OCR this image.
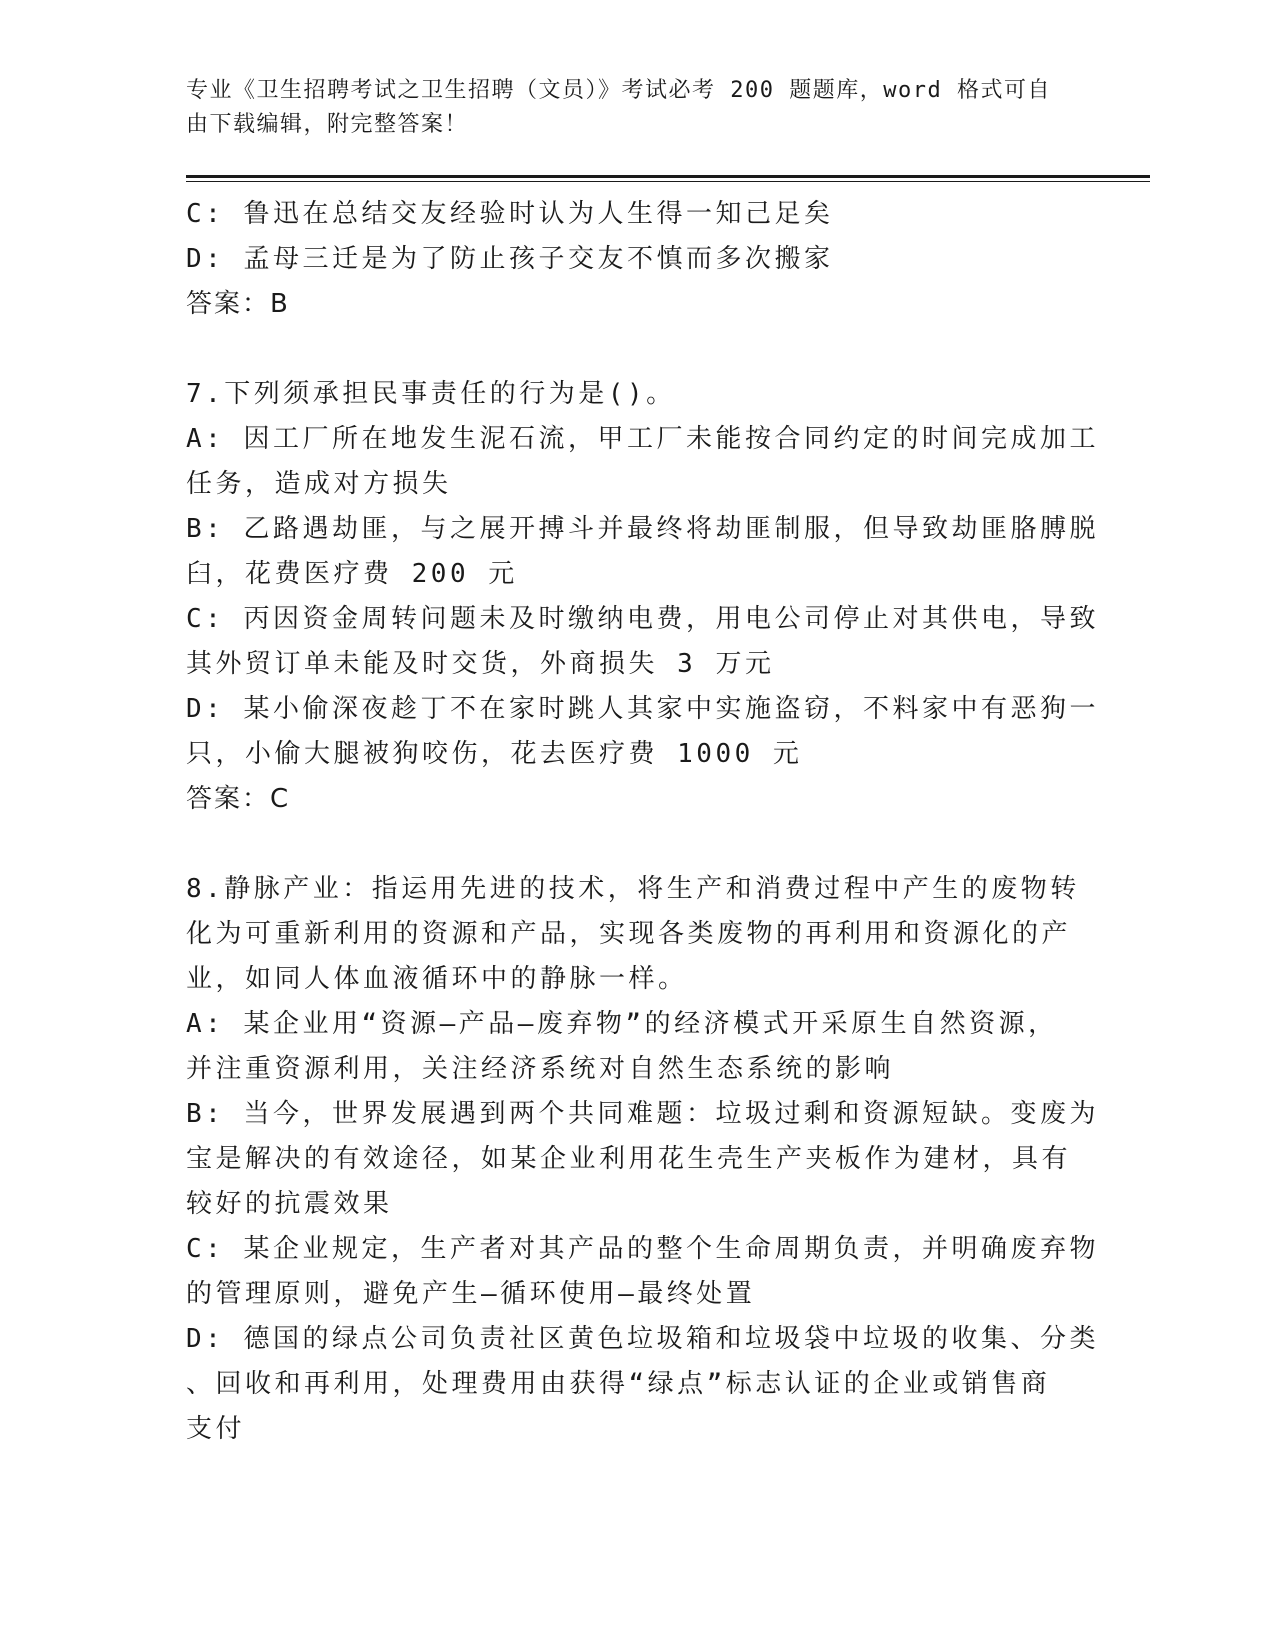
专业《卫生招聘考试之卫生招聘（文员）》考试必考 200 题题库，word 格式可自
由下载编辑，附完整答案！
C: 鲁迅在总结交友经验时认为人生得一知己足矣
D: 孟母三迁是为了防止孩子交友不慎而多次搬家
答案：B
7.下列须承担民事责任的行为是()。
A: 因工厂所在地发生泥石流，甲工厂未能按合同约定的时间完成加工
任务，造成对方损失
B: 乙路遇劫匪，与之展开搏斗并最终将劫匪制服，但导致劫匪胳膊脱
臼，花费医疗费 200 元
C: 丙因资金周转问题未及时缴纳电费，用电公司停止对其供电，导致
其外贸订单未能及时交货，外商损失 3 万元
D: 某小偷深夜趁丁不在家时跳人其家中实施盗窃，不料家中有恶狗一
只，小偷大腿被狗咬伤，花去医疗费 1000 元
答案：C
8.静脉产业：指运用先进的技术，将生产和消费过程中产生的废物转
化为可重新利用的资源和产品，实现各类废物的再利用和资源化的产
业，如同人体血液循环中的静脉一样。
A: 某企业用“资源—产品—废弃物”的经济模式开采原生自然资源，
并注重资源利用，关注经济系统对自然生态系统的影响
B: 当今，世界发展遇到两个共同难题：垃圾过剩和资源短缺。变废为
宝是解决的有效途径，如某企业利用花生壳生产夹板作为建材，具有
较好的抗震效果
C: 某企业规定，生产者对其产品的整个生命周期负责，并明确废弃物
的管理原则，避免产生—循环使用—最终处置
D: 德国的绿点公司负责社区黄色垃圾箱和垃圾袋中垃圾的收集、分类
、回收和再利用，处理费用由获得“绿点”标志认证的企业或销售商
支付
